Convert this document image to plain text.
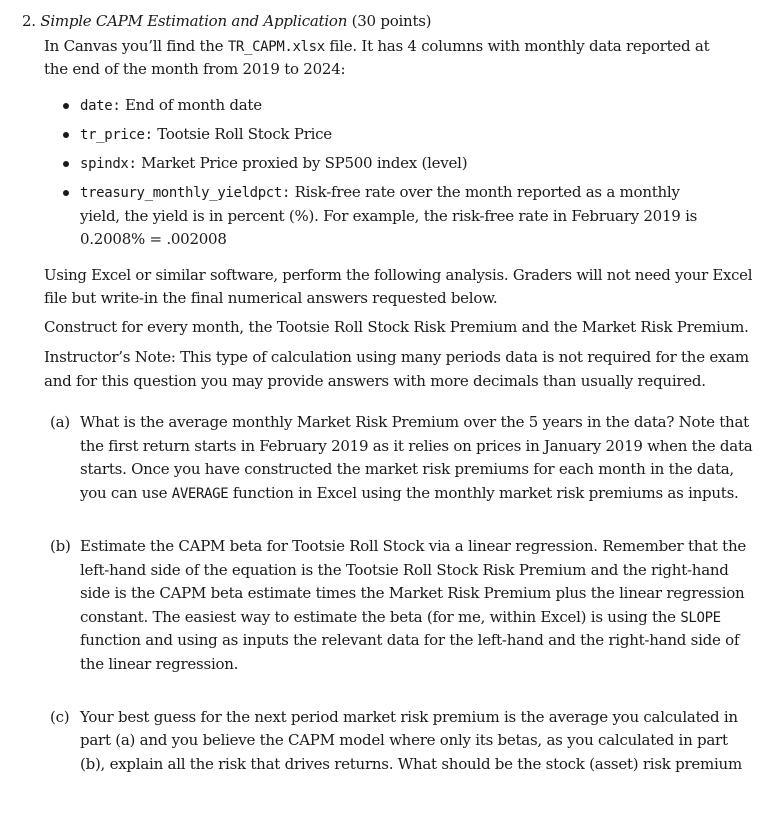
2. Simple CAPM Estimation and Application (30 points)
In Canvas you’ll find the TR_CAPM.xlsx file. It has 4 columns with monthly data reported at
the end of the month from 2019 to 2024:
date: End of month date
tr_price: Tootsie Roll Stock Price
spindx: Market Price proxied by SP500 index (level)
treasury_monthly_yieldpct: Risk-free rate over the month reported as a monthly
yield, the yield is in percent (%). For example, the risk-free rate in February 2019 is
0.2008% = .002008
Using Excel or similar software, perform the following analysis. Graders will not need your Excel
file but write-in the final numerical answers requested below.
Construct for every month, the Tootsie Roll Stock Risk Premium and the Market Risk Premium.
Instructor’s Note: This type of calculation using many periods data is not required for the exam
and for this question you may provide answers with more decimals than usually required.
(a) What is the average monthly Market Risk Premium over the 5 years in the data? Note that
the first return starts in February 2019 as it relies on prices in January 2019 when the data
starts. Once you have constructed the market risk premiums for each month in the data,
you can use AVERAGE function in Excel using the monthly market risk premiums as inputs.
(b) Estimate the CAPM beta for Tootsie Roll Stock via a linear regression. Remember that the
left-hand side of the equation is the Tootsie Roll Stock Risk Premium and the right-hand
side is the CAPM beta estimate times the Market Risk Premium plus the linear regression
constant. The easiest way to estimate the beta (for me, within Excel) is using the SLOPE
function and using as inputs the relevant data for the left-hand and the right-hand side of
the linear regression.
(c) Your best guess for the next period market risk premium is the average you calculated in
part (a) and you believe the CAPM model where only its betas, as you calculated in part
(b), explain all the risk that drives returns. What should be the stock (asset) risk premium
